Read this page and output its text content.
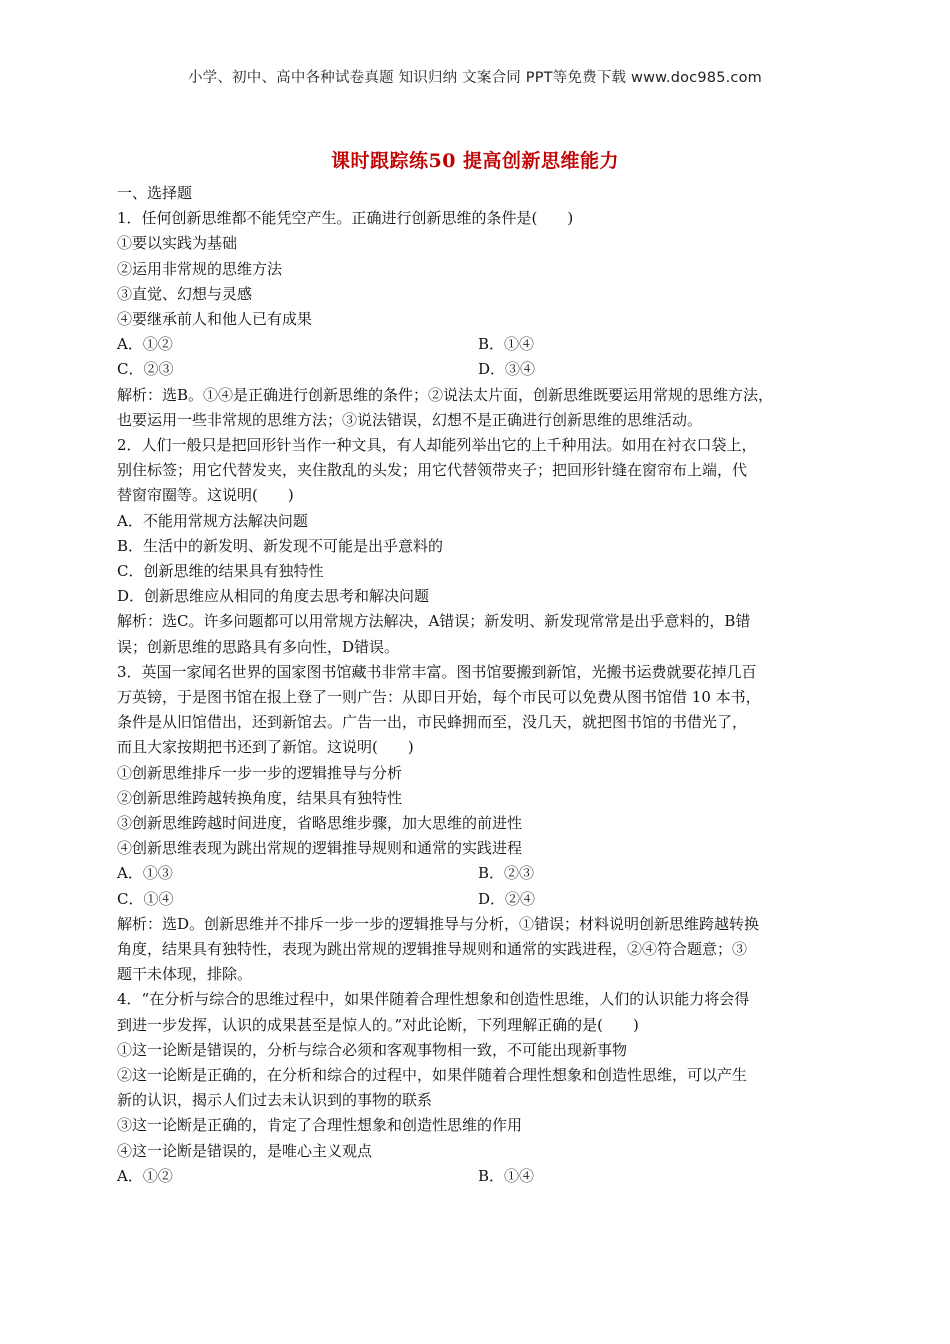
小学、初中、高中各种试卷真题 知识归纳 文案合同 PPT等免费下载 www.doc985.com
课时跟踪练50 提高创新思维能力
一、选择题
1．任何创新思维都不能凭空产生。正确进行创新思维的条件是(　　)
①要以实践为基础
②运用非常规的思维方法
③直觉、幻想与灵感
④要继承前人和他人已有成果
A．①②	B．①④
C．②③	D．③④
解析：选B。①④是正确进行创新思维的条件；②说法太片面，创新思维既要运用常规的思维方法，
也要运用一些非常规的思维方法；③说法错误，幻想不是正确进行创新思维的思维活动。
2．人们一般只是把回形针当作一种文具，有人却能列举出它的上千种用法。如用在衬衣口袋上，
别住标签；用它代替发夹，夹住散乱的头发；用它代替领带夹子；把回形针缝在窗帘布上端，代
替窗帘圈等。这说明(　　)
A．不能用常规方法解决问题
B．生活中的新发明、新发现不可能是出乎意料的
C．创新思维的结果具有独特性
D．创新思维应从相同的角度去思考和解决问题
解析：选C。许多问题都可以用常规方法解决，A错误；新发明、新发现常常是出乎意料的，B错
误；创新思维的思路具有多向性，D错误。
3．英国一家闻名世界的国家图书馆藏书非常丰富。图书馆要搬到新馆，光搬书运费就要花掉几百
万英镑，于是图书馆在报上登了一则广告：从即日开始，每个市民可以免费从图书馆借 10 本书，
条件是从旧馆借出，还到新馆去。广告一出，市民蜂拥而至，没几天，就把图书馆的书借光了，
而且大家按期把书还到了新馆。这说明(　　)
①创新思维排斥一步一步的逻辑推导与分析
②创新思维跨越转换角度，结果具有独特性
③创新思维跨越时间进度，省略思维步骤，加大思维的前进性
④创新思维表现为跳出常规的逻辑推导规则和通常的实践进程
A．①③	B．②③
C．①④	D．②④
解析：选D。创新思维并不排斥一步一步的逻辑推导与分析，①错误；材料说明创新思维跨越转换
角度，结果具有独特性，表现为跳出常规的逻辑推导规则和通常的实践进程，②④符合题意；③
题干未体现，排除。
4．“在分析与综合的思维过程中，如果伴随着合理性想象和创造性思维，人们的认识能力将会得
到进一步发挥，认识的成果甚至是惊人的。”对此论断，下列理解正确的是(　　)
①这一论断是错误的，分析与综合必须和客观事物相一致，不可能出现新事物
②这一论断是正确的，在分析和综合的过程中，如果伴随着合理性想象和创造性思维，可以产生
新的认识，揭示人们过去未认识到的事物的联系
③这一论断是正确的，肯定了合理性想象和创造性思维的作用
④这一论断是错误的，是唯心主义观点
A．①②	B．①④
